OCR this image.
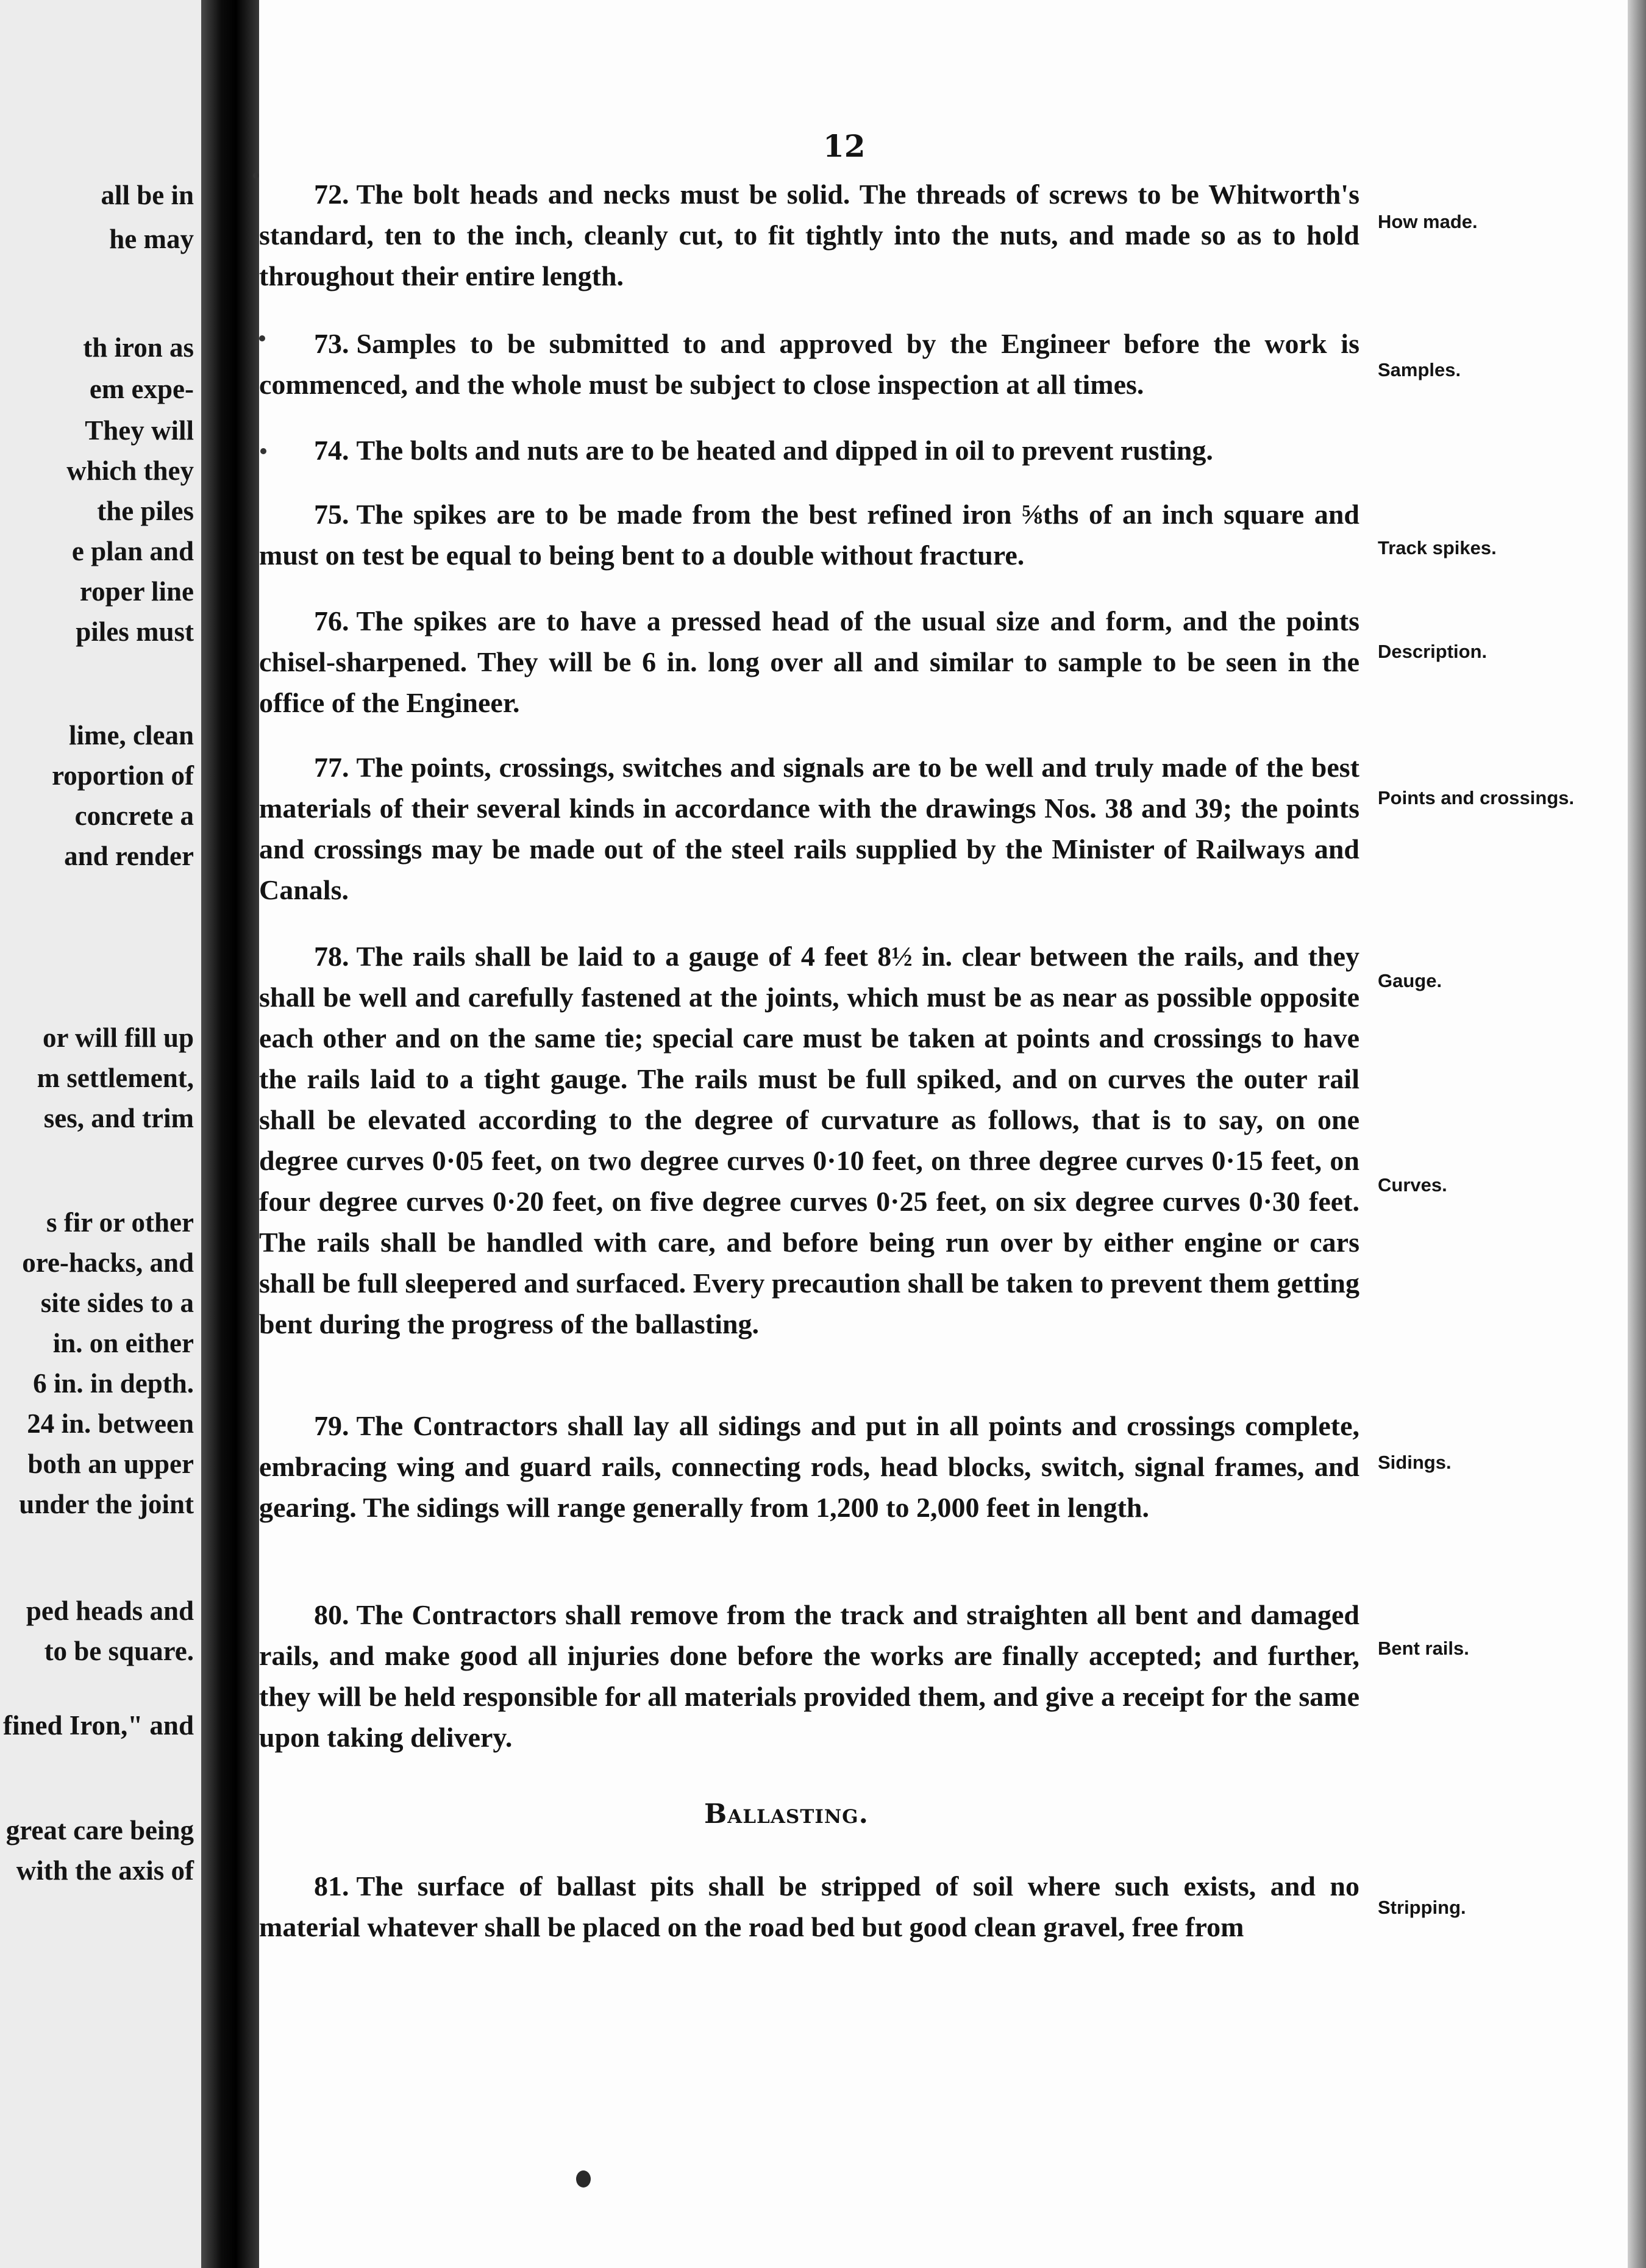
all be in
he may
th iron as
em expe-
They will
which they
the piles
e plan and
roper line
piles must
lime, clean
roportion of
concrete a
and render
or will fill up
m settlement,
ses, and trim
s fir or other
ore-hacks, and
site sides to a
in. on either
6 in. in depth.
24 in. between
both an upper
under the joint
ped heads and
to be square.
fined Iron," and
great care being
with the axis of
12

72. The bolt heads and necks must be solid. The threads of screws to be Whitworth's standard, ten to the inch, cleanly cut, to fit tightly into the nuts, and made so as to hold throughout their entire length.

How made.

73. Samples to be submitted to and approved by the Engineer before the work is commenced, and the whole must be subject to close inspection at all times.	Samples.

74. The bolts and nuts are to be heated and dipped in oil to prevent rusting.

75. The spikes are to be made from the best refined iron ⅝ths of an inch square and must on test be equal to being bent to a double without fracture.	Track spikes.

76. The spikes are to have a pressed head of the usual size and form, and the points chisel-sharpened. They will be 6 in. long over all and similar to sample to be seen in the office of the Engineer.

Description.

77. The points, crossings, switches and signals are to be well and truly made of the best materials of their several kinds in accordance with the drawings Nos. 38 and 39; the points and crossings may be made out of the steel rails supplied by the Minister of Railways and Canals.

Points and crossings.

78. The rails shall be laid to a gauge of 4 feet 8½ in. clear between the rails, and they shall be well and carefully fastened at the joints, which must be as near as possible opposite each other and on the same tie; special care must be taken at points and crossings to have the rails laid to a tight gauge. The rails must be full spiked, and on curves the outer rail shall be elevated according to the degree of curvature as follows, that is to say, on one degree curves 0·05 feet, on two degree curves 0·10 feet, on three degree curves 0·15 feet, on four degree curves 0·20 feet, on five degree curves 0·25 feet, on six degree curves 0·30 feet. The rails shall be handled with care, and before being run over by either engine or cars shall be full sleepered and surfaced. Every precaution shall be taken to prevent them getting bent during the progress of the ballasting.

Gauge.
Curves.

79. The Contractors shall lay all sidings and put in all points and crossings complete, embracing wing and guard rails, connecting rods, head blocks, switch, signal frames, and gearing. The sidings will range generally from 1,200 to 2,000 feet in length.

Sidings.

80. The Contractors shall remove from the track and straighten all bent and damaged rails, and make good all injuries done before the works are finally accepted; and further, they will be held responsible for all materials provided them, and give a receipt for the same upon taking delivery.

Bent rails.
Ballasting.

81. The surface of ballast pits shall be stripped of soil where such exists, and no material whatever shall be placed on the road bed but good clean gravel, free from

Stripping.
